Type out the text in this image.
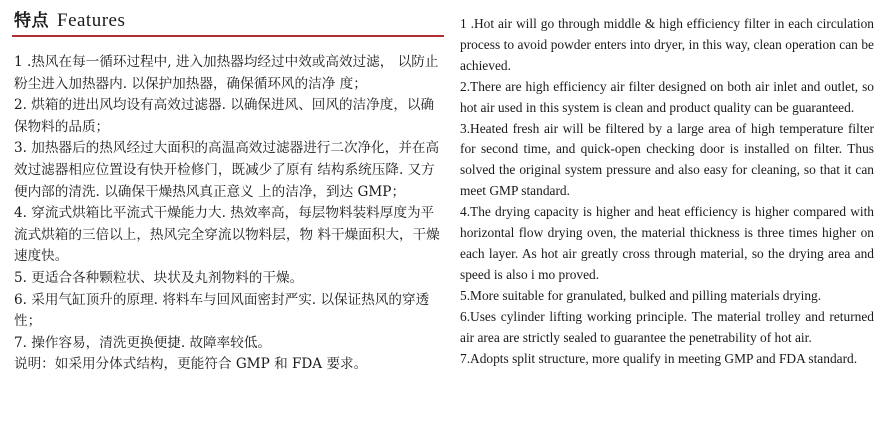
特点 Features
1 .热风在每一循环过程中, 进入加热器均经过中效或高效过滤， 以防止粉尘进入加热器内. 以保护加热器，确保循环风的洁净 度；
2. 烘箱的进出风均设有高效过滤器. 以确保进风、回风的洁净度，以确保物料的品质；
3. 加热器后的热风经过大面积的高温高效过滤器进行二次净化，并在高效过滤器相应位置设有快开检修门，既减少了原有 结构系统压降. 又方便内部的清洗. 以确保干燥热风真正意义 上的洁净，到达 GMP；
4. 穿流式烘箱比平流式干燥能力大. 热效率高，每层物料装料厚度为平流式烘箱的三倍以上，热风完全穿流以物料层，物 料干燥面积大，干燥速度快。
5. 更适合各种颗粒状、块状及丸剂物料的干燥。
6. 采用气缸顶升的原理. 将料车与回风面密封严实. 以保证热风的穿透性；
7. 操作容易，清洗更换便捷. 故障率较低。
说明：如采用分体式结构，更能符合 GMP 和 FDA 要求。
1 .Hot air will go through middle & high efficiency filter in each circulation process to avoid powder enters into dryer, in this way, clean operation can be achieved.
2.There are high efficiency air filter designed on both air inlet and outlet, so hot air used in this system is clean and product quality can be guaranteed.
3.Heated fresh air will be filtered by a large area of high temperature filter for second time, and quick-open checking door is installed on filter. Thus solved the original system pressure and also easy for cleaning, so that it can meet GMP standard.
4.The drying capacity is higher and heat efficiency is higher compared with horizontal flow drying oven, the material thickness is three times higher on each layer. As hot air greatly cross through material, so the drying area and speed is also i mo proved.
5.More suitable for granulated, bulked and pilling materials drying.
6.Uses cylinder lifting working principle. The material trolley and returned air area are strictly sealed to guarantee the penetrability of hot air.
7.Adopts split structure, more qualify in meeting GMP and FDA standard.
